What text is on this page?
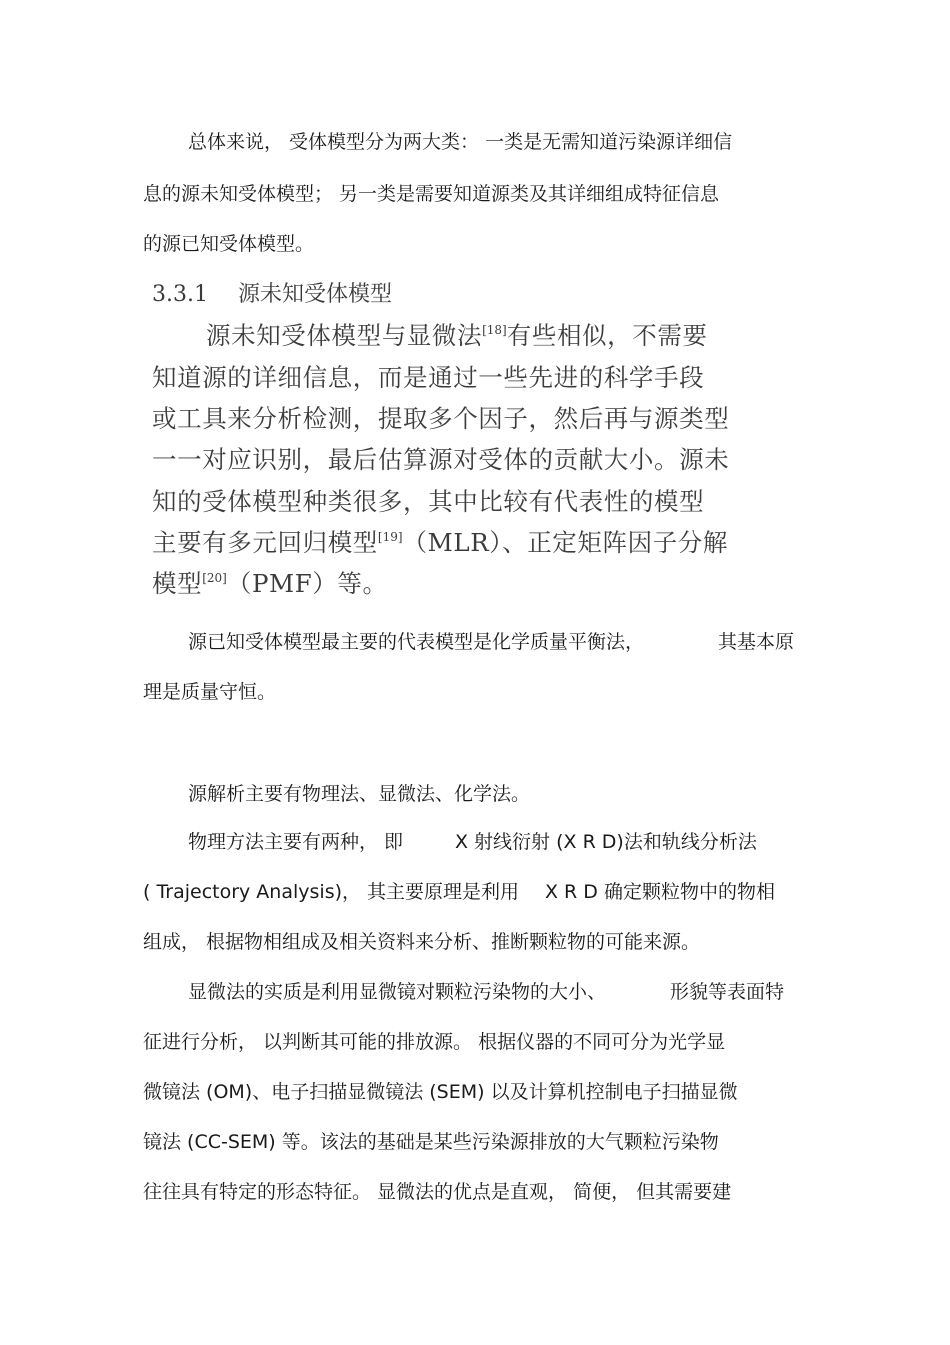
总体来说， 受体模型分为两大类： 一类是无需知道污染源详细信
息的源未知受体模型； 另一类是需要知道源类及其详细组成特征信息
的源已知受体模型。
3.3.1 源未知受体模型
源未知受体模型与显微法[18]有些相似，不需要
知道源的详细信息，而是通过一些先进的科学手段
或工具来分析检测，提取多个因子，然后再与源类型
一一对应识别，最后估算源对受体的贡献大小。源未
知的受体模型种类很多，其中比较有代表性的模型
主要有多元回归模型[19]（MLR）、正定矩阵因子分解
模型[20]（PMF）等。
源已知受体模型最主要的代表模型是化学质量平衡法，	其基本原
理是质量守恒。
源解析主要有物理法、显微法、化学法。
物理方法主要有两种， 即	X 射线衍射 (X R D)法和轨线分析法
( Trajectory Analysis)， 其主要原理是利用 X R D 确定颗粒物中的物相
组成， 根据物相组成及相关资料来分析、推断颗粒物的可能来源。
显微法的实质是利用显微镜对颗粒污染物的大小、	形貌等表面特
征进行分析， 以判断其可能的排放源。 根据仪器的不同可分为光学显
微镜法 (OM)、电子扫描显微镜法 (SEM) 以及计算机控制电子扫描显微
镜法 (CC-SEM) 等。该法的基础是某些污染源排放的大气颗粒污染物
往往具有特定的形态特征。 显微法的优点是直观， 简便， 但其需要建
